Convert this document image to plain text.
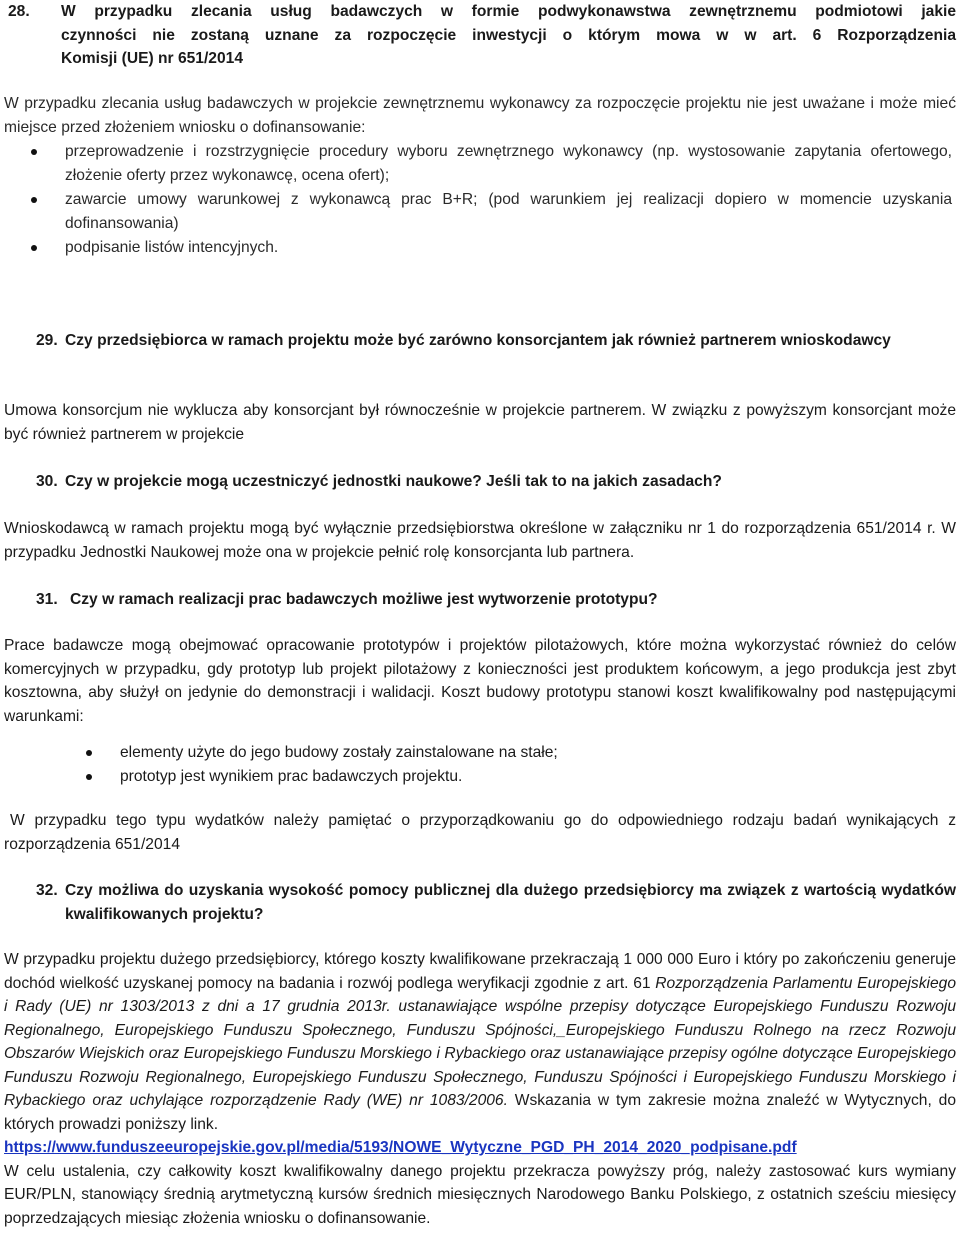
28. W przypadku zlecania usług badawczych w formie podwykonawstwa zewnętrznemu podmiotowi jakie
czynności nie zostaną uznane za rozpoczęcie inwestycji o którym mowa w w art. 6 Rozporządzenia
Komisji (UE) nr 651/2014
W przypadku zlecania usług badawczych w projekcie zewnętrznemu wykonawcy za rozpoczęcie projektu nie jest uważane i może mieć miejsce przed złożeniem wniosku o dofinansowanie:
przeprowadzenie i rozstrzygnięcie procedury wyboru zewnętrznego wykonawcy (np. wystosowanie zapytania ofertowego, złożenie oferty przez wykonawcę, ocena ofert);
zawarcie umowy warunkowej z wykonawcą prac B+R; (pod warunkiem jej realizacji dopiero w momencie uzyskania dofinansowania)
podpisanie listów intencyjnych.
29. Czy przedsiębiorca w ramach projektu może być zarówno konsorcjantem jak również partnerem wnioskodawcy
Umowa konsorcjum nie wyklucza aby konsorcjant był równocześnie w projekcie partnerem. W związku z powyższym konsorcjant może być również partnerem w projekcie
30. Czy w projekcie mogą uczestniczyć jednostki naukowe? Jeśli tak to na jakich zasadach?
Wnioskodawcą w ramach projektu mogą być wyłącznie przedsiębiorstwa określone w załączniku nr 1 do rozporządzenia 651/2014 r. W przypadku Jednostki Naukowej może ona w projekcie pełnić rolę konsorcjanta lub partnera.
31. Czy w ramach realizacji prac badawczych możliwe jest wytworzenie prototypu?
Prace badawcze mogą obejmować opracowanie prototypów i projektów pilotażowych, które można wykorzystać również do celów komercyjnych w przypadku, gdy prototyp lub projekt pilotażowy z konieczności jest produktem końcowym, a jego produkcja jest zbyt kosztowna, aby służył on jedynie do demonstracji i walidacji. Koszt budowy prototypu stanowi koszt kwalifikowalny pod następującymi warunkami:
elementy użyte do jego budowy zostały zainstalowane na stałe;
prototyp jest wynikiem prac badawczych projektu.
W przypadku tego typu wydatków należy pamiętać o przyporządkowaniu go do odpowiedniego rodzaju badań wynikających z rozporządzenia 651/2014
32. Czy możliwa do uzyskania wysokość pomocy publicznej dla dużego przedsiębiorcy ma związek z wartością wydatków kwalifikowanych projektu?
W przypadku projektu dużego przedsiębiorcy, którego koszty kwalifikowane przekraczają 1 000 000 Euro i który po zakończeniu generuje dochód wielkość uzyskanej pomocy na badania i rozwój podlega weryfikacji zgodnie z art. 61 Rozporządzenia Parlamentu Europejskiego i Rady (UE) nr 1303/2013 z dni a 17 grudnia 2013r. ustanawiające wspólne przepisy dotyczące Europejskiego Funduszu Rozwoju Regionalnego, Europejskiego Funduszu Społecznego, Funduszu Spójności,_Europejskiego Funduszu Rolnego na rzecz Rozwoju Obszarów Wiejskich oraz Europejskiego Funduszu Morskiego i Rybackiego oraz ustanawiające przepisy ogólne dotyczące Europejskiego Funduszu Rozwoju Regionalnego, Europejskiego Funduszu Społecznego, Funduszu Spójności i Europejskiego Funduszu Morskiego i Rybackiego oraz uchylające rozporządzenie Rady (WE) nr 1083/2006. Wskazania w tym zakresie można znaleźć w Wytycznych, do których prowadzi poniższy link.
https://www.funduszeeuropejskie.gov.pl/media/5193/NOWE_Wytyczne_PGD_PH_2014_2020_podpisane.pdf
W celu ustalenia, czy całkowity koszt kwalifikowalny danego projektu przekracza powyższy próg, należy zastosować kurs wymiany EUR/PLN, stanowiący średnią arytmetyczną kursów średnich miesięcznych Narodowego Banku Polskiego, z ostatnich sześciu miesięcy poprzedzających miesiąc złożenia wniosku o dofinansowanie.
